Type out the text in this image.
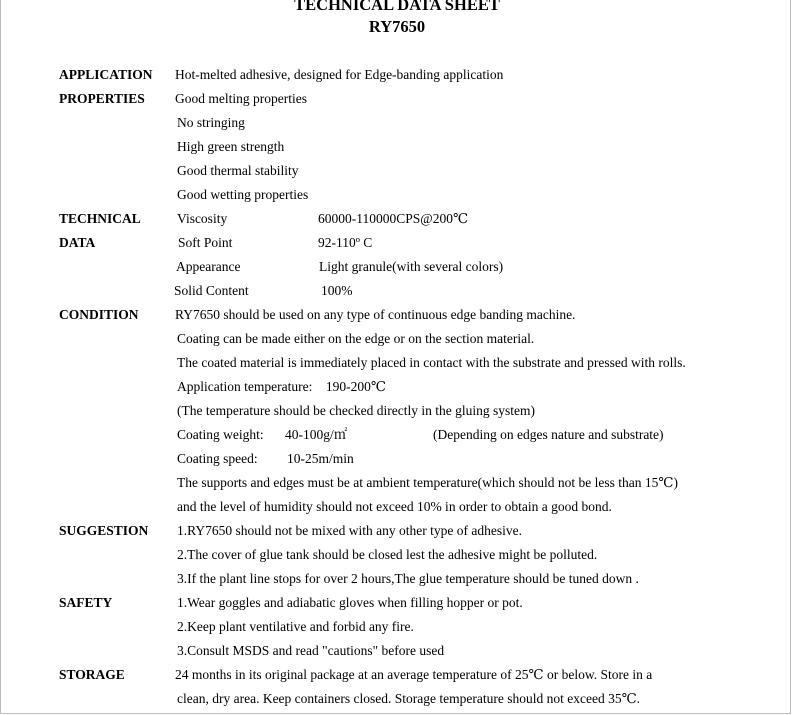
TECHNICAL DATA SHEET
RY7650
APPLICATION Hot-melted adhesive, designed for Edge-banding application
PROPERTIES Good melting properties
No stringing
High green strength
Good thermal stability
Good wetting properties
TECHNICAL	Viscosity	60000-110000CPS@200℃
DATA	Soft Point	92-110º C
Appearance	Light granule(with several colors)
Solid Content	100%
CONDITION	RY7650 should be used on any type of continuous edge banding machine.
Coating can be made either on the edge or on the section material.
The coated material is immediately placed in contact with the substrate and pressed with rolls.
Application temperature:    190-200℃
(The temperature should be checked directly in the gluing system)
Coating weight: 40-100g/㎡	(Depending on edges nature and substrate)
Coating speed: 10-25m/min
The supports and edges must be at ambient temperature(which should not be less than 15℃)
and the level of humidity should not exceed 10% in order to obtain a good bond.
SUGGESTION 1.RY7650 should not be mixed with any other type of adhesive.
2.The cover of glue tank should be closed lest the adhesive might be polluted.
3.If the plant line stops for over 2 hours,The glue temperature should be tuned down .
SAFETY	1.Wear goggles and adiabatic gloves when filling hopper or pot.
2.Keep plant ventilative and forbid any fire.
3.Consult MSDS and read "cautions" before used
STORAGE	24 months in its original package at an average temperature of 25℃ or below. Store in a
clean, dry area. Keep containers closed. Storage temperature should not exceed 35℃.
